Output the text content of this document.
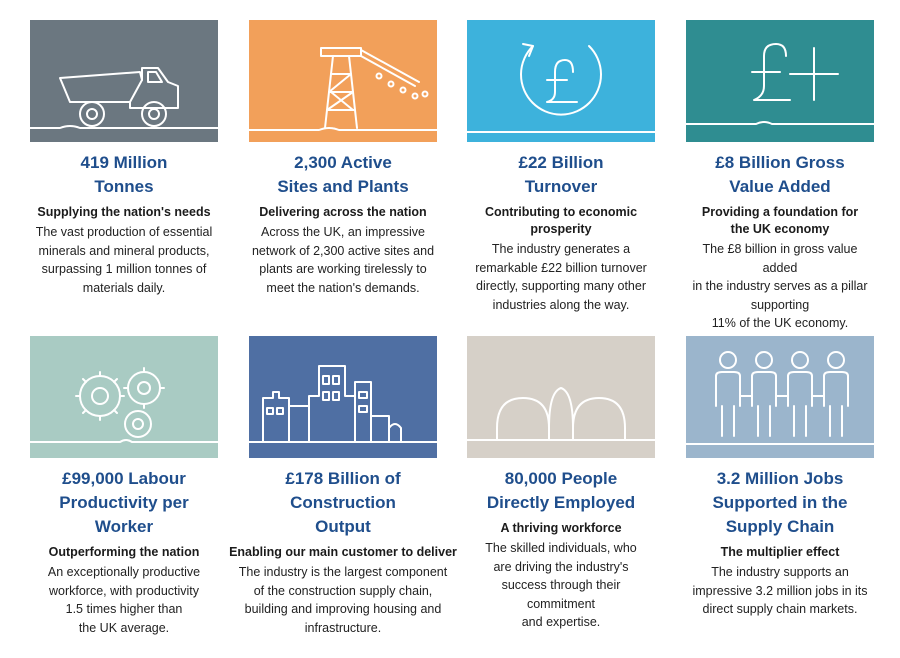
419 Million
Tonnes
Supplying the nation's needs
The vast production of essential
minerals and mineral products,
surpassing 1 million tonnes of
materials daily.
2,300 Active
Sites and Plants
Delivering across the nation
Across the UK, an impressive
network of 2,300 active sites and
plants are working tirelessly to
meet the nation's demands.
£22 Billion
Turnover
Contributing to economic
prosperity
The industry generates a
remarkable £22 billion turnover
directly, supporting many other
industries along the way.
£8 Billion Gross
Value Added
Providing a foundation for
the UK economy
The £8 billion in gross value added
in the industry serves as a pillar
supporting
11% of the UK economy.
£99,000 Labour
Productivity per
Worker
Outperforming the nation
An exceptionally productive
workforce, with productivity
1.5 times higher than
the UK average.
£178 Billion of
Construction
Output
Enabling our main customer to deliver
The industry is the largest component
of the construction supply chain,
building and improving housing and
infrastructure.
80,000 People
Directly Employed
A thriving workforce
The skilled individuals, who
are driving the industry's
success through their commitment
and expertise.
3.2 Million Jobs
Supported in the
Supply Chain
The multiplier effect
The industry supports an
impressive 3.2 million jobs in its
direct supply chain markets.
